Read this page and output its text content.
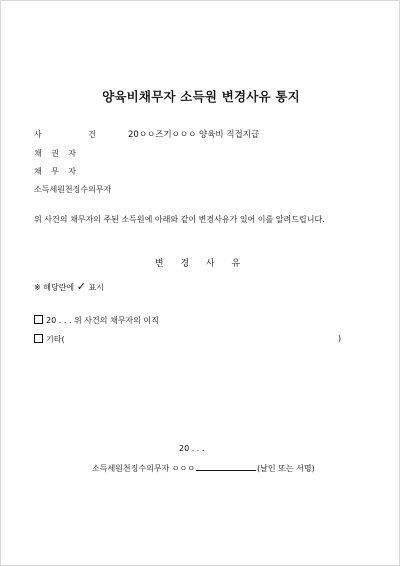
양육비채무자 소득원 변경사유 통지
사	건	20ㅇㅇ즈기ㅇㅇㅇ 양육비 직접지급
채 권 자
채 무 자
소득세원천징수의무자
위 사건의 채무자의 주된 소득원에 아래와 같이 변경사유가 있어 이를 알려드립니다.
변 경 사 유
※ 해당란에 ✓ 표시
20 . . . 위 사건의 채무자의 이직
기타(	)
20 . . .
소득세원천징수의무자 ㅇㅇㅇ	(날인 또는 서명)
